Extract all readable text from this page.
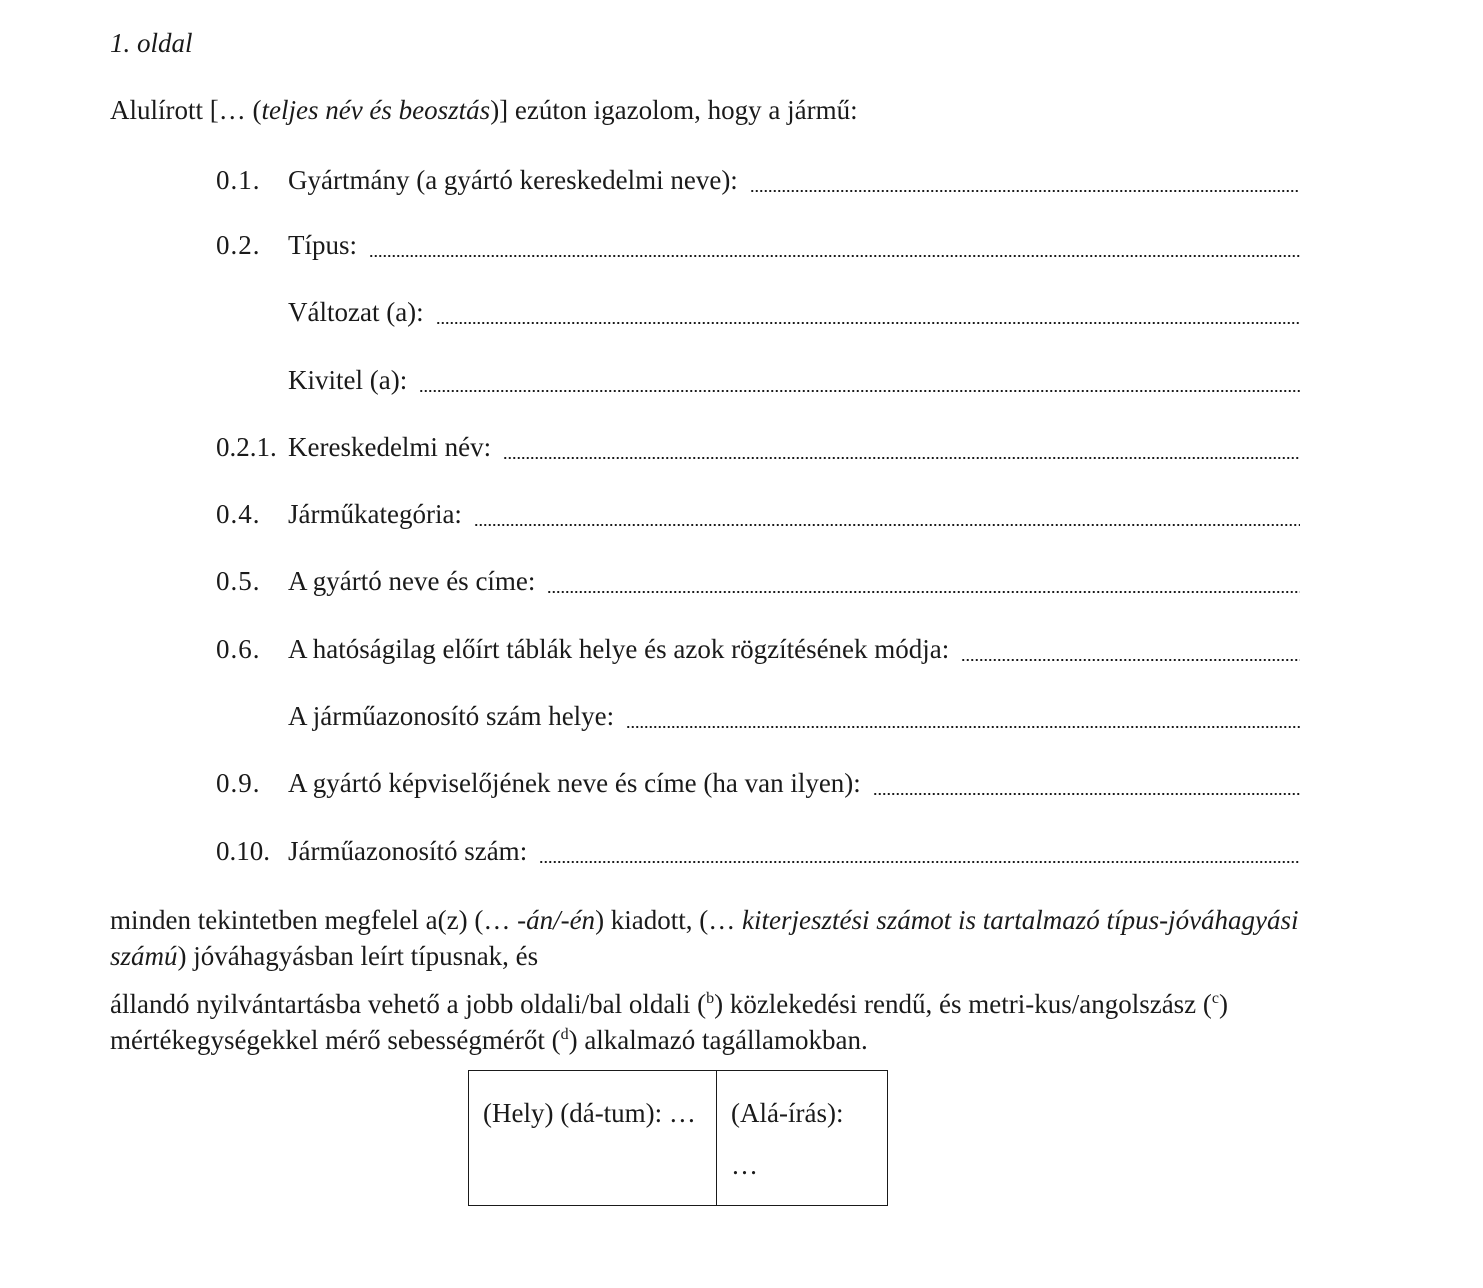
1. oldal
Alulírott [… (teljes név és beosztás)] ezúton igazolom, hogy a jármű:
0.1.	Gyártmány (a gyártó kereskedelmi neve):
0.2.	Típus:
Változat (a):
Kivitel (a):
0.2.1. Kereskedelmi név:
0.4.	Járműkategória:
0.5.	A gyártó neve és címe:
0.6.	A hatóságilag előírt táblák helye és azok rögzítésének módja:
A járműazonosító szám helye:
0.9.	A gyártó képviselőjének neve és címe (ha van ilyen):
0.10. Járműazonosító szám:
minden tekintetben megfelel a(z) (… -án/-én) kiadott, (… kiterjesztési számot is tartalmazó típus-jóváhagyási számú) jóváhagyásban leírt típusnak, és
állandó nyilvántartásba vehető a jobb oldali/bal oldali ($^b$) közlekedési rendű, és metri-kus/angolszász ($^c$) mértékegységekkel mérő sebességmérőt ($^d$) alkalmazó tagállamokban.
(Hely) (dá-tum): …	(Alá-írás): …
